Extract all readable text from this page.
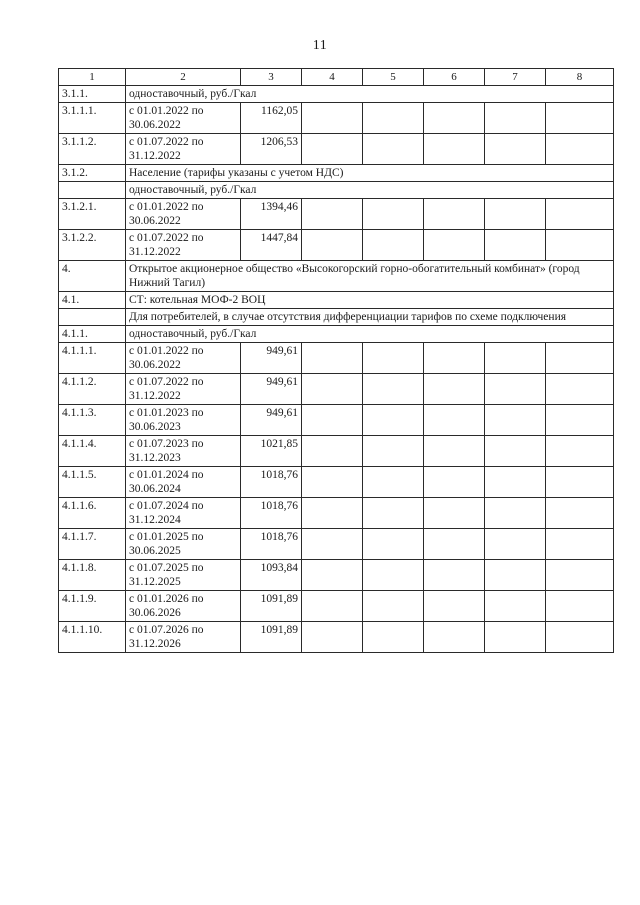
11
1	2	3	4	5	6	7	8
3.1.1.	одноставочный, руб./Гкал						
3.1.1.1.	с 01.01.2022 по 30.06.2022	1162,05					
3.1.1.2.	с 01.07.2022 по 31.12.2022	1206,53					
3.1.2.	Население (тарифы указаны с учетом НДС)						
	одноставочный, руб./Гкал						
3.1.2.1.	с 01.01.2022 по 30.06.2022	1394,46					
3.1.2.2.	с 01.07.2022 по 31.12.2022	1447,84					
4.	Открытое акционерное общество «Высокогорский горно-обогатительный комбинат» (город Нижний Тагил)						
4.1.	СТ: котельная МОФ-2 ВОЦ						
	Для потребителей, в случае отсутствия дифференциации тарифов по схеме подключения						
4.1.1.	одноставочный, руб./Гкал						
4.1.1.1.	с 01.01.2022 по 30.06.2022	949,61					
4.1.1.2.	с 01.07.2022 по 31.12.2022	949,61					
4.1.1.3.	с 01.01.2023 по 30.06.2023	949,61					
4.1.1.4.	с 01.07.2023 по 31.12.2023	1021,85					
4.1.1.5.	с 01.01.2024 по 30.06.2024	1018,76					
4.1.1.6.	с 01.07.2024 по 31.12.2024	1018,76					
4.1.1.7.	с 01.01.2025 по 30.06.2025	1018,76					
4.1.1.8.	с 01.07.2025 по 31.12.2025	1093,84					
4.1.1.9.	с 01.01.2026 по 30.06.2026	1091,89					
4.1.1.10.	с 01.07.2026 по 31.12.2026	1091,89					
